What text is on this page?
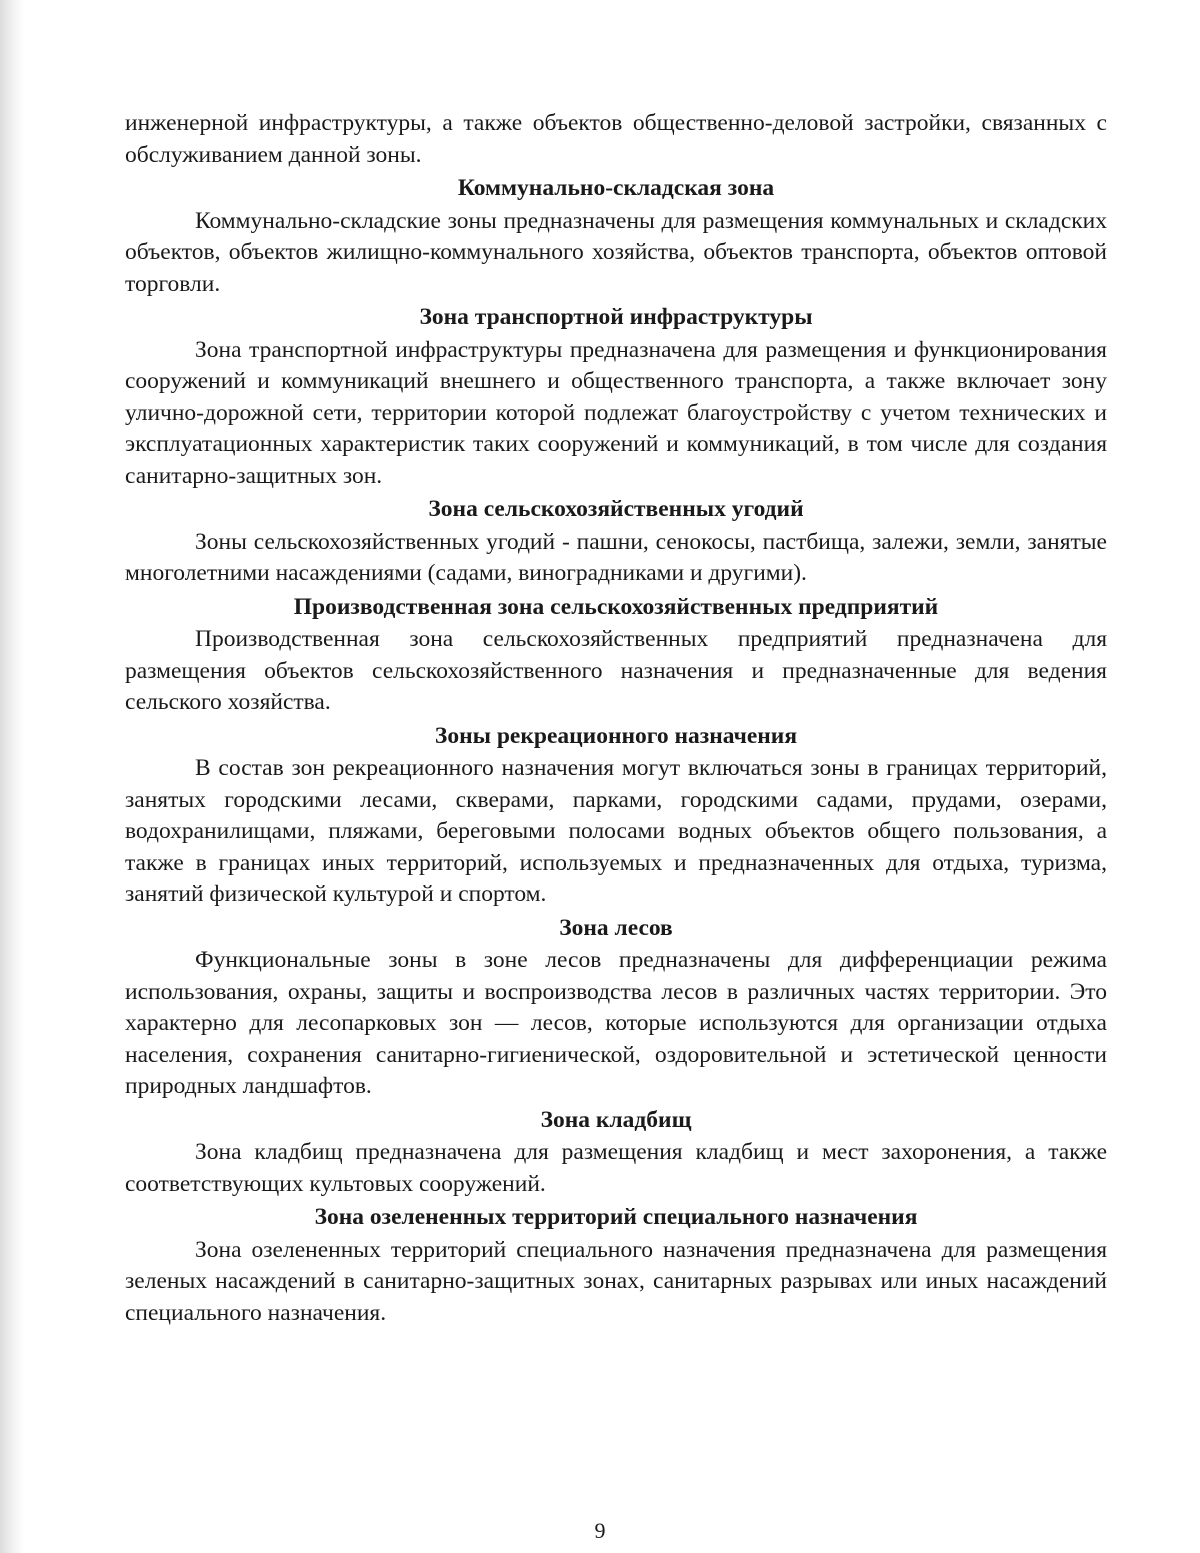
инженерной инфраструктуры, а также объектов общественно-деловой застройки, связанных с обслуживанием данной зоны.

Коммунально-складская зона

Коммунально-складские зоны предназначены для размещения коммунальных и складских объектов, объектов жилищно-коммунального хозяйства, объектов транспорта, объектов оптовой торговли.

Зона транспортной инфраструктуры

Зона транспортной инфраструктуры предназначена для размещения и функционирования сооружений и коммуникаций внешнего и общественного транспорта, а также включает зону улично-дорожной сети, территории которой подлежат благоустройству с учетом технических и эксплуатационных характеристик таких сооружений и коммуникаций, в том числе для создания санитарно-защитных зон.

Зона сельскохозяйственных угодий

Зоны сельскохозяйственных угодий - пашни, сенокосы, пастбища, залежи, земли, занятые многолетними насаждениями (садами, виноградниками и другими).

Производственная зона сельскохозяйственных предприятий

Производственная зона сельскохозяйственных предприятий предназначена для размещения объектов сельскохозяйственного назначения и предназначенные для ведения сельского хозяйства.

Зоны рекреационного назначения

В состав зон рекреационного назначения могут включаться зоны в границах территорий, занятых городскими лесами, скверами, парками, городскими садами, прудами, озерами, водохранилищами, пляжами, береговыми полосами водных объектов общего пользования, а также в границах иных территорий, используемых и предназначенных для отдыха, туризма, занятий физической культурой и спортом.

Зона лесов

Функциональные зоны в зоне лесов предназначены для дифференциации режима использования, охраны, защиты и воспроизводства лесов в различных частях территории. Это характерно для лесопарковых зон — лесов, которые используются для организации отдыха населения, сохранения санитарно-гигиенической, оздоровительной и эстетической ценности природных ландшафтов.

Зона кладбищ

Зона кладбищ предназначена для размещения кладбищ и мест захоронения, а также соответствующих культовых сооружений.

Зона озелененных территорий специального назначения

Зона озелененных территорий специального назначения предназначена для размещения зеленых насаждений в санитарно-защитных зонах, санитарных разрывах или иных насаждений специального назначения.

9
